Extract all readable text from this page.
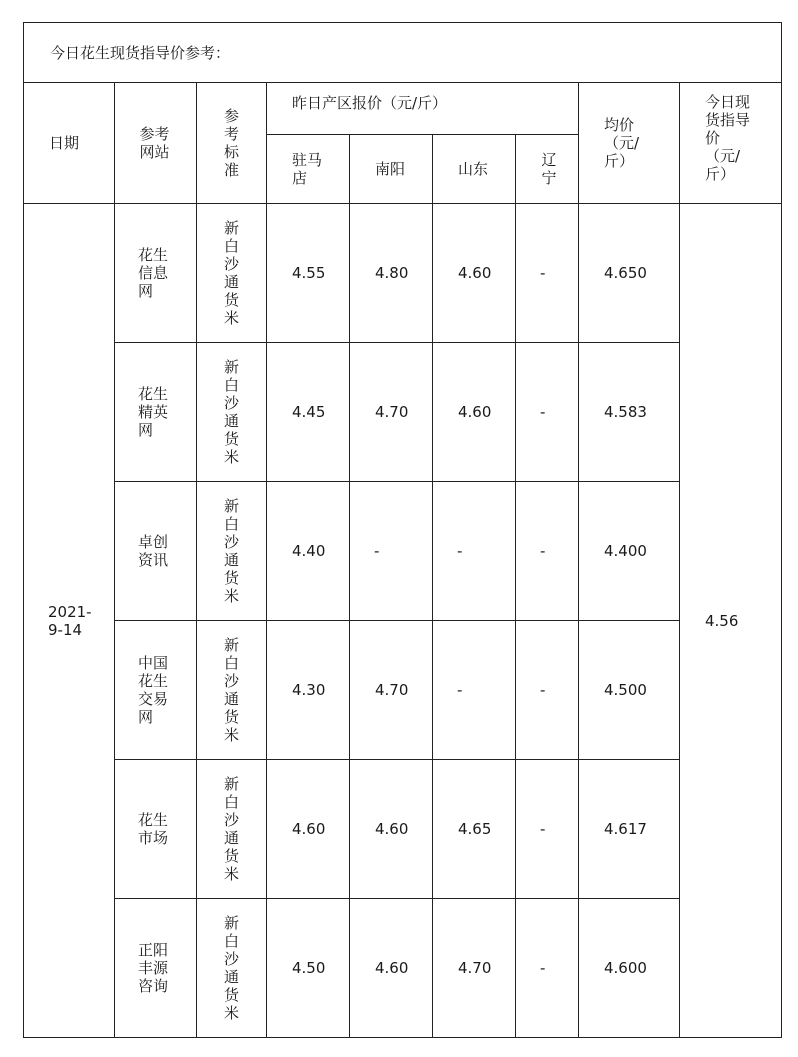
今日花生现货指导价参考：								
日期	参考网站	参考标准	昨日产区报价（元/斤）				均价（元/斤）	今日现货指导价（元/斤）
			驻马店	南阳	山东	辽宁		
2021-9-14	花生信息网	新白沙通货米	4.55	4.80	4.60	-	4.650	4.56
	花生精英网	新白沙通货米	4.45	4.70	4.60	-	4.583	
	卓创资讯	新白沙通货米	4.40	-	-	-	4.400	
	中国花生交易网	新白沙通货米	4.30	4.70	-	-	4.500	
	花生市场	新白沙通货米	4.60	4.60	4.65	-	4.617	
	正阳丰源咨询	新白沙通货米	4.50	4.60	4.70	-	4.600	
